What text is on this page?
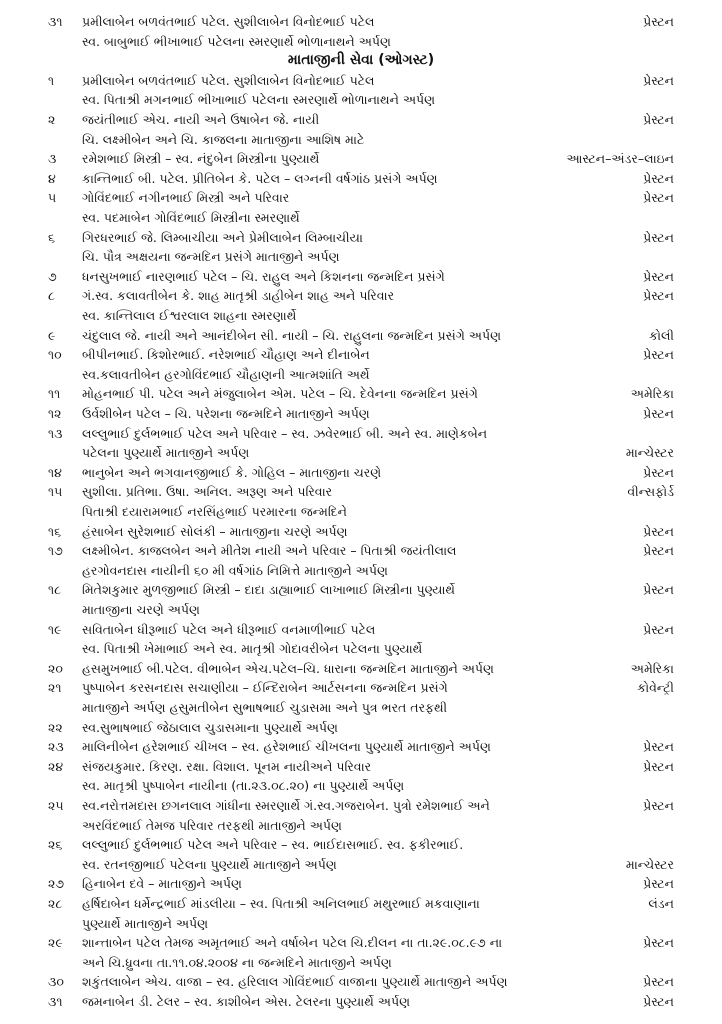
૩૧ પ્રમીલાબેન બળવંતભાઈ પટેલ. સુશીલાબેન વિનોદભાઈ પટેલ	પ્રેસ્ટન
સ્વ. બાબુભાઈ ભીખાભાઈ પટેલના સ્મરણાર્થે ભોળાનાથને અર્પણ
માતાજીની સેવા (ઓગસ્ટ)
૧ પ્રમીલાબેન બળવંતભાઈ પટેલ. સુશીલાબેન વિનોદભાઈ પટેલ	પ્રેસ્ટન
સ્વ. પિતાશ્રી મગનભાઈ ભીખાભાઈ પટેલના સ્મરણાર્થે ભોળાનાથને અર્પણ
૨ જયંતીભાઈ એચ. નાયી અને ઉષાબેન જે. નાયી	પ્રેસ્ટન
ચિ. લક્ષ્મીબેન અને ચિ. કાજલના માતાજીના આશિષ માટે
૩ રમેશભાઈ મિસ્ત્રી – સ્વ. નંદુબેન મિસ્ત્રીના પુણ્યાર્થે	આસ્ટન–અંડર–લાઇન
૪ કાન્તિભાઈ બી. પટેલ. પ્રીતિબેન કે. પટેલ – લગ્નની વર્ષગાંઠ પ્રસંગે અર્પણ	પ્રેસ્ટન
૫ ગોવિંદભાઈ નગીનભાઈ મિસ્ત્રી અને પરિવાર	પ્રેસ્ટન
સ્વ. પદમાબેન ગોવિંદભાઈ મિસ્ત્રીના સ્મરણાર્થે
૬ ગિરધરભાઈ જે. લિમ્બાચીયા અને પ્રેમીલાબેન લિમ્બાચીયા	પ્રેસ્ટન
ચિ. પૌત્ર અક્ષયના જન્મદિન પ્રસંગે માતાજીને અર્પણ
૭ ધનસુખભાઈ નારણભાઈ પટેલ – ચિ. રાહુલ અને કિશનના જન્મદિન પ્રસંગે	પ્રેસ્ટન
૮ ગં.સ્વ. કલાવતીબેન કે. શાહ માતૃશ્રી ડાહીબેન શાહ અને પરિવાર	પ્રેસ્ટન
સ્વ. કાન્તિલાલ ઈશ્વરલાલ શાહના સ્મરણાર્થે
૯ ચંદુલાલ જે. નાયી અને આનંદીબેન સી. નાયી – ચિ. રાહુલના જન્મદિન પ્રસંગે અર્પણ	કોલી
૧૦ બીપીનભાઈ. કિશોરભાઈ. નરેશભાઈ ચૌહાણ અને દીનાબેન	પ્રેસ્ટન
સ્વ.કલાવતીબેન હરગોવિંદભાઈ ચૌહાણની આત્મશાંતિ અર્થે
૧૧ મોહનભાઈ પી. પટેલ અને મંજુલાબેન એમ. પટેલ – ચિ. દેવેનના જન્મદિન પ્રસંગે	અમેરિકા
૧૨ ઉર્વશીબેન પટેલ – ચિ. પરેશના જન્મદિને માતાજીને અર્પણ	પ્રેસ્ટન
૧૩ લલ્લુભાઈ દુર્લભભાઈ પટેલ અને પરિવાર – સ્વ. ઝવેરભાઈ બી. અને સ્વ. માણેકબેન
પટેલના પુણ્યાર્થે માતાજીને અર્પણ	માન્ચેસ્ટર
૧૪ ભાનુબેન અને ભગવાનજીભાઈ કે. ગોહિલ – માતાજીના ચરણે	પ્રેસ્ટન
૧૫ સુશીલા. પ્રતિભા. ઉષા. અનિલ. અરૂણ અને પરિવાર	વીન્સફોર્ડ
પિતાશ્રી દયારામભાઈ નરસિંહભાઈ પરમારના જન્મદિને
૧૬ હંસાબેન સુરેશભાઈ સોલંકી – માતાજીના ચરણે અર્પણ	પ્રેસ્ટન
૧૭ લક્ષ્મીબેન. કાજલબેન અને મીતેશ નાયી અને પરિવાર – પિતાશ્રી જયંતીલાલ	પ્રેસ્ટન
હરગોવનદાસ નાયીની ૬૦ મી વર્ષગાંઠ નિમિત્તે માતાજીને અર્પણ
૧૮ મિતેશકુમાર મુળજીભાઈ મિસ્ત્રી – દાદા ડાહ્યાભાઈ લાખાભાઈ મિસ્ત્રીના પુણ્યાર્થે	પ્રેસ્ટન
માતાજીના ચરણે અર્પણ
૧૯ સવિતાબેન ધીરૂભાઈ પટેલ અને ધીરૂભાઈ વનમાળીભાઈ પટેલ	પ્રેસ્ટન
સ્વ. પિતાશ્રી ખેમાભાઈ અને સ્વ. માતૃશ્રી ગોદાવરીબેન પટેલના પુણ્યાર્થે
૨૦ હસમુખભાઈ બી.પટેલ. વીભાબેન એચ.પટેલ–ચિ. ધારાના જન્મદિન માતાજીને અર્પણ	અમેરિકા
૨૧ પુષ્પાબેન કરસનદાસ સચાણીયા – ઈન્દિરાબેન આર્ટસનના જન્મદિન પ્રસંગે	કોવેન્ટ્રી
માતાજીને અર્પણ હસુમતીબેન સુભાષભાઈ ચુડાસમા અને પુત્ર ભરત તરફથી
૨૨ સ્વ.સુભાષભાઈ જેઠાલાલ ચુડાસમાના પુણ્યાર્થે અર્પણ
૨૩ માલિનીબેન હરેશભાઈ ચીખલ – સ્વ. હરેશભાઈ ચીખલના પુણ્યાર્થે માતાજીને અર્પણ	પ્રેસ્ટન
૨૪ સંજયકુમાર. કિરણ. રક્ષા. વિશાલ. પૂનમ નાયીઅને પરિવાર	પ્રેસ્ટન
સ્વ. માતૃશ્રી પુષ્પાબેન નાયીના (તા.૨૩.૦૮.૨૦) ના પુણ્યાર્થે અર્પણ
૨૫ સ્વ.નરોત્તમદાસ છગનલાલ ગાંધીના સ્મરણાર્થે ગં.સ્વ.ગજરાબેન. પુત્રો રમેશભાઈ અને	પ્રેસ્ટન
અરવિંદભાઈ તેમજ પરિવાર તરફથી માતાજીને અર્પણ
૨૬ લલ્લુભાઈ દુર્લભભાઈ પટેલ અને પરિવાર – સ્વ. ભાઈદાસભાઈ. સ્વ. ફકીરભાઈ.
સ્વ. રતનજીભાઈ પટેલના પુણ્યાર્થે માતાજીને અર્પણ	માન્ચેસ્ટર
૨૭ હિનાબેન દવે – માતાજીને અર્પણ	પ્રેસ્ટન
૨૮ હર્ષિદાબેન ધર્મેન્દ્રભાઈ માંડલીયા – સ્વ. પિતાશ્રી અનિલભાઈ મથુરભાઈ મકવાણાના	લંડન
પુણ્યાર્થે માતાજીને અર્પણ
૨૯ શાન્તાબેન પટેલ તેમજ અમૃતભાઈ અને વર્ષાબેન પટેલ ચિ.દીલન ના તા.૨૯.૦૮.૯૭ ના	પ્રેસ્ટન
અને ચિ.ધ્રુવના તા.૧૧.૦૪.૨૦૦૪ ના જન્મદિને માતાજીને અર્પણ
૩૦ શકુંતલાબેન એચ. વાજા – સ્વ. હરિલાલ ગોવિંદભાઈ વાજાના પુણ્યાર્થે માતાજીને અર્પણ	પ્રેસ્ટન
૩૧ જમનાબેન ડી. ટેલર – સ્વ. કાશીબેન એસ. ટેલરના પુણ્યાર્થે અર્પણ	પ્રેસ્ટન
